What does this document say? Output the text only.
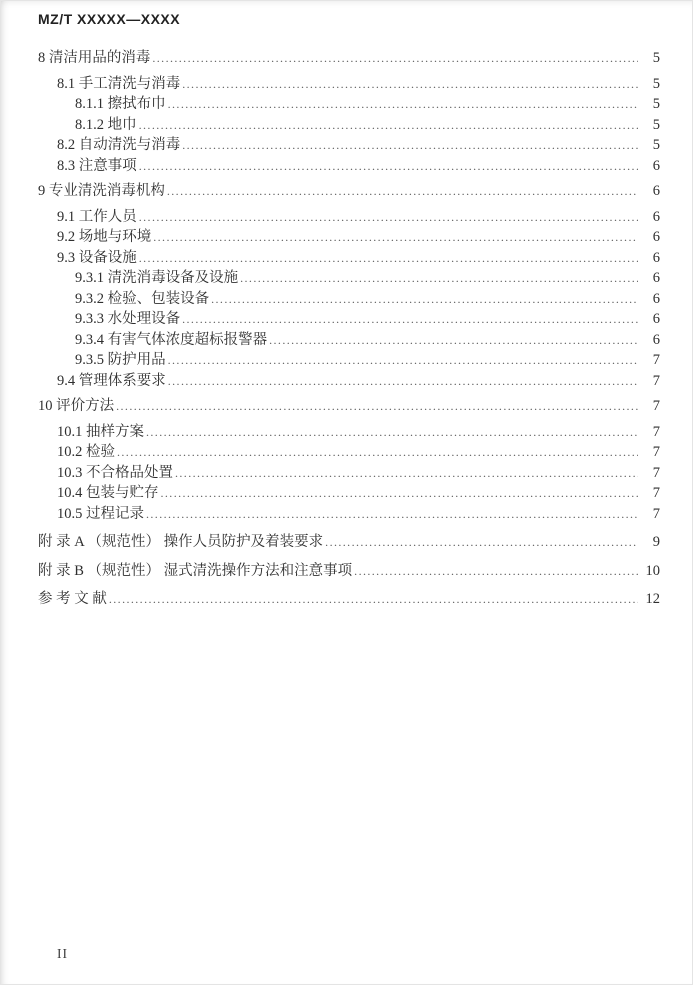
MZ/T XXXXX—XXXX
8 清洁用品的消毒 .....	5
8.1 手工清洗与消毒 .....	5
8.1.1 擦拭布巾 .....	5
8.1.2 地巾 .....	5
8.2 自动清洗与消毒 .....	5
8.3 注意事项 .....	6
9 专业清洗消毒机构 .....	6
9.1 工作人员 .....	6
9.2 场地与环境 .....	6
9.3 设备设施 .....	6
9.3.1 清洗消毒设备及设施 .....	6
9.3.2 检验、包装设备 .....	6
9.3.3 水处理设备 .....	6
9.3.4 有害气体浓度超标报警器 .....	6
9.3.5 防护用品 .....	7
9.4 管理体系要求 .....	7
10 评价方法 .....	7
10.1 抽样方案 .....	7
10.2 检验 .....	7
10.3 不合格品处置 .....	7
10.4 包装与贮存 .....	7
10.5 过程记录 .....	7
附 录 A （规范性） 操作人员防护及着装要求 .....	9
附 录 B （规范性） 湿式清洗操作方法和注意事项 .....	10
参 考 文 献 .....	12
II
